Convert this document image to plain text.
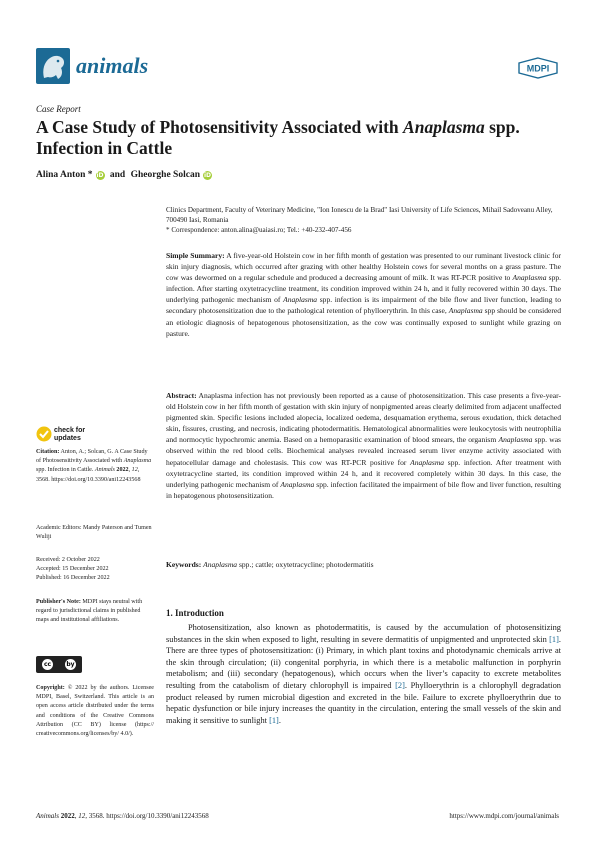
animals	MDPI
Case Report
A Case Study of Photosensitivity Associated with Anaplasma spp. Infection in Cattle
Alina Anton * iD and Gheorghe Solcan iD
Clinics Department, Faculty of Veterinary Medicine, "Ion Ionescu de la Brad" Iasi University of Life Sciences, Mihail Sadoveanu Alley, 700490 Iasi, Romania
* Correspondence: anton.alina@uaiasi.ro; Tel.: +40-232-407-456
Simple Summary: A five-year-old Holstein cow in her fifth month of gestation was presented to our ruminant livestock clinic for skin injury diagnosis, which occurred after grazing with other healthy Holstein cows for several months on a grass pasture. The cow was dewormed on a regular schedule and produced a decreasing amount of milk. It was RT-PCR positive to Anaplasma spp. infection. After starting oxytetracycline treatment, its condition improved within 24 h, and it fully recovered within 30 days. The underlying pathogenic mechanism of Anaplasma spp. infection is its impairment of the bile flow and liver function, leading to secondary photosensitization due to the pathological retention of phylloerythrin. In this case, Anaplasma spp should be considered an etiologic diagnosis of hepatogenous photosensitization, as the cow was continually exposed to sunlight while grazing on pasture.
Abstract: Anaplasma infection has not previously been reported as a cause of photosensitization. This case presents a five-year-old Holstein cow in her fifth month of gestation with skin injury of nonpigmented areas clearly delimited from adjacent unaffected pigmented skin. Specific lesions included alopecia, localized oedema, desquamation erythema, serous exudation, thick detached skin, fissures, crusting, and necrosis, indicating photodermatitis. Hematological abnormalities were leukocytosis with neutrophilia and normocytic hypochromic anemia. Based on a hemoparasitic examination of blood smears, the organism Anaplasma spp. was observed within the red blood cells. Biochemical analyses revealed increased serum liver enzyme activity associated with hepatocellular damage and cholestasis. This cow was RT-PCR positive for Anaplasma spp. infection. After treatment with oxytetracycline started, its condition improved within 24 h, and it recovered completely within 30 days. In this case, the underlying pathogenic mechanism of Anaplasma spp. infection facilitated the impairment of bile flow and liver function, resulting in hepatogenous photosensitization.
Keywords: Anaplasma spp.; cattle; oxytetracycline; photodermatitis
check for
updates
Citation: Anton, A.; Solcan, G. A Case Study of Photosensitivity Associated with Anaplasma spp. Infection in Cattle. Animals 2022, 12, 3568. https://doi.org/10.3390/ani12243568
Academic Editors: Mandy Paterson and Tumen Wuliji
Received: 2 October 2022
Accepted: 15 December 2022
Published: 16 December 2022
Publisher's Note: MDPI stays neutral with regard to jurisdictional claims in published maps and institutional affiliations.
cc	by
Copyright: © 2022 by the authors. Licensee MDPI, Basel, Switzerland. This article is an open access article distributed under the terms and conditions of the Creative Commons Attribution (CC BY) license (https:// creativecommons.org/licenses/by/ 4.0/).
1. Introduction
Photosensitization, also known as photodermatitis, is caused by the accumulation of photosensitizing substances in the skin when exposed to light, resulting in severe dermatitis of unpigmented and unprotected skin [1]. There are three types of photosensitization: (i) Primary, in which plant toxins and photodynamic chemicals arrive at the skin through circulation; (ii) congenital porphyria, in which there is a metabolic malfunction in porphyrin metabolism; and (iii) secondary (hepatogenous), which occurs when the liver’s capacity to excrete metabolites resulting from the catabolism of dietary chlorophyll is impaired [2]. Phylloerythrin is a chlorophyll degradation product released by rumen microbial digestion and excreted in the bile. Failure to excrete phylloerythrin due to hepatic dysfunction or bile injury increases the quantity in the circulation, entering the small vessels of the skin and making it sensitive to sunlight [1].
Animals 2022, 12, 3568. https://doi.org/10.3390/ani12243568	https://www.mdpi.com/journal/animals
